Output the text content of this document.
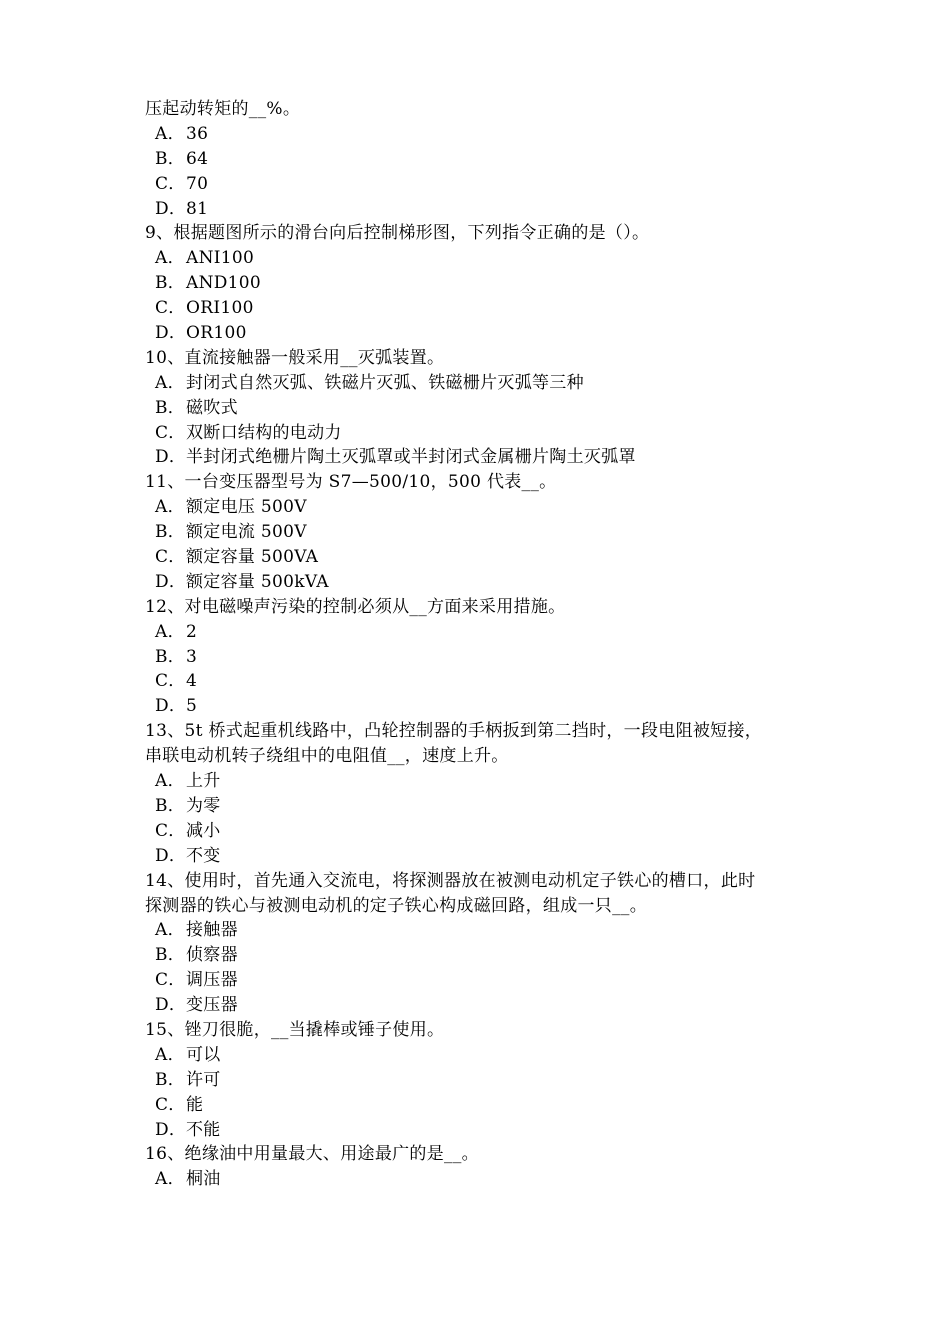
压起动转矩的__%。
A．36
B．64
C．70
D．81
9、根据题图所示的滑台向后控制梯形图，下列指令正确的是（）。
A．ANI100
B．AND100
C．ORI100
D．OR100
10、直流接触器一般采用__灭弧装置。
A．封闭式自然灭弧、铁磁片灭弧、铁磁栅片灭弧等三种
B．磁吹式
C．双断口结构的电动力
D．半封闭式绝栅片陶土灭弧罩或半封闭式金属栅片陶土灭弧罩
11、一台变压器型号为 S7—500/10，500 代表__。
A．额定电压 500V
B．额定电流 500V
C．额定容量 500VA
D．额定容量 500kVA
12、对电磁噪声污染的控制必须从__方面来采用措施。
A．2
B．3
C．4
D．5
13、5t 桥式起重机线路中，凸轮控制器的手柄扳到第二挡时，一段电阻被短接，
串联电动机转子绕组中的电阻值__，速度上升。
A．上升
B．为零
C．减小
D．不变
14、使用时，首先通入交流电，将探测器放在被测电动机定子铁心的槽口，此时
探测器的铁心与被测电动机的定子铁心构成磁回路，组成一只__。
A．接触器
B．侦察器
C．调压器
D．变压器
15、锉刀很脆，__当撬棒或锤子使用。
A．可以
B．许可
C．能
D．不能
16、绝缘油中用量最大、用途最广的是__。
A．桐油
